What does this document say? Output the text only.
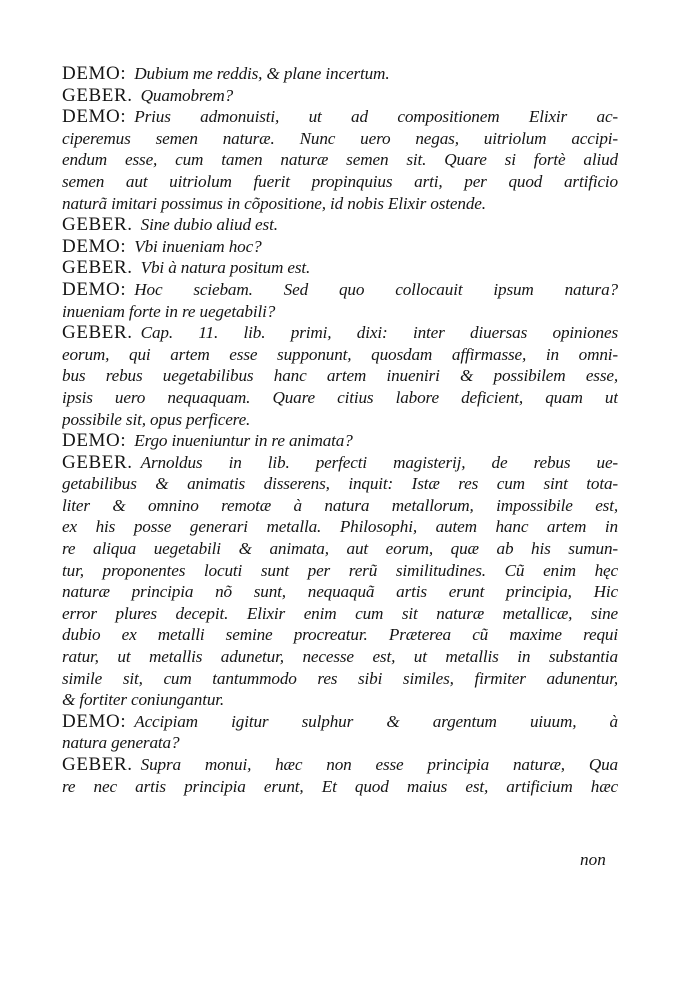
DEMO: Dubium me reddis, & plane incertum.
GEBER. Quamobrem?
DEMO: Prius admonuisti, ut ad compositionem Elixir ac-
ciperemus semen naturæ. Nunc uero negas, uitriolum accipi-
endum esse, cum tamen naturæ semen sit. Quare si fortè aliud
semen aut uitriolum fuerit propinquius arti, per quod artificio
naturã imitari possimus in cõpositione, id nobis Elixir ostende.
GEBER. Sine dubio aliud est.
DEMO: Vbi inueniam hoc?
GEBER. Vbi à natura positum est.
DEMO: Hoc sciebam. Sed quo collocauit ipsum natura?
inueniam forte in re uegetabili?
GEBER. Cap. 11. lib. primi, dixi: inter diuersas opiniones
eorum, qui artem esse supponunt, quosdam affirmasse, in omni-
bus rebus uegetabilibus hanc artem inueniri & possibilem esse,
ipsis uero nequaquam. Quare citius labore deficient, quam ut
possibile sit, opus perficere.
DEMO: Ergo inueniuntur in re animata?
GEBER. Arnoldus in lib. perfecti magisterij, de rebus ue-
getabilibus & animatis disserens, inquit: Istæ res cum sint tota-
liter & omnino remotæ à natura metallorum, impossibile est,
ex his posse generari metalla. Philosophi, autem hanc artem in
re aliqua uegetabili & animata, aut eorum, quæ ab his sumun-
tur, proponentes locuti sunt per rerũ similitudines. Cũ enim hęc
naturæ principia nõ sunt, nequaquã artis erunt principia, Hic
error plures decepit. Elixir enim cum sit naturæ metallicæ, sine
dubio ex metalli semine procreatur. Præterea cũ maxime requi
ratur, ut metallis adunetur, necesse est, ut metallis in substantia
simile sit, cum tantummodo res sibi similes, firmiter adunentur,
& fortiter coniungantur.
DEMO: Accipiam igitur sulphur & argentum uiuum, à
natura generata?
GEBER. Supra monui, hæc non esse principia naturæ, Qua
re nec artis principia erunt, Et quod maius est, artificium hæc
non
